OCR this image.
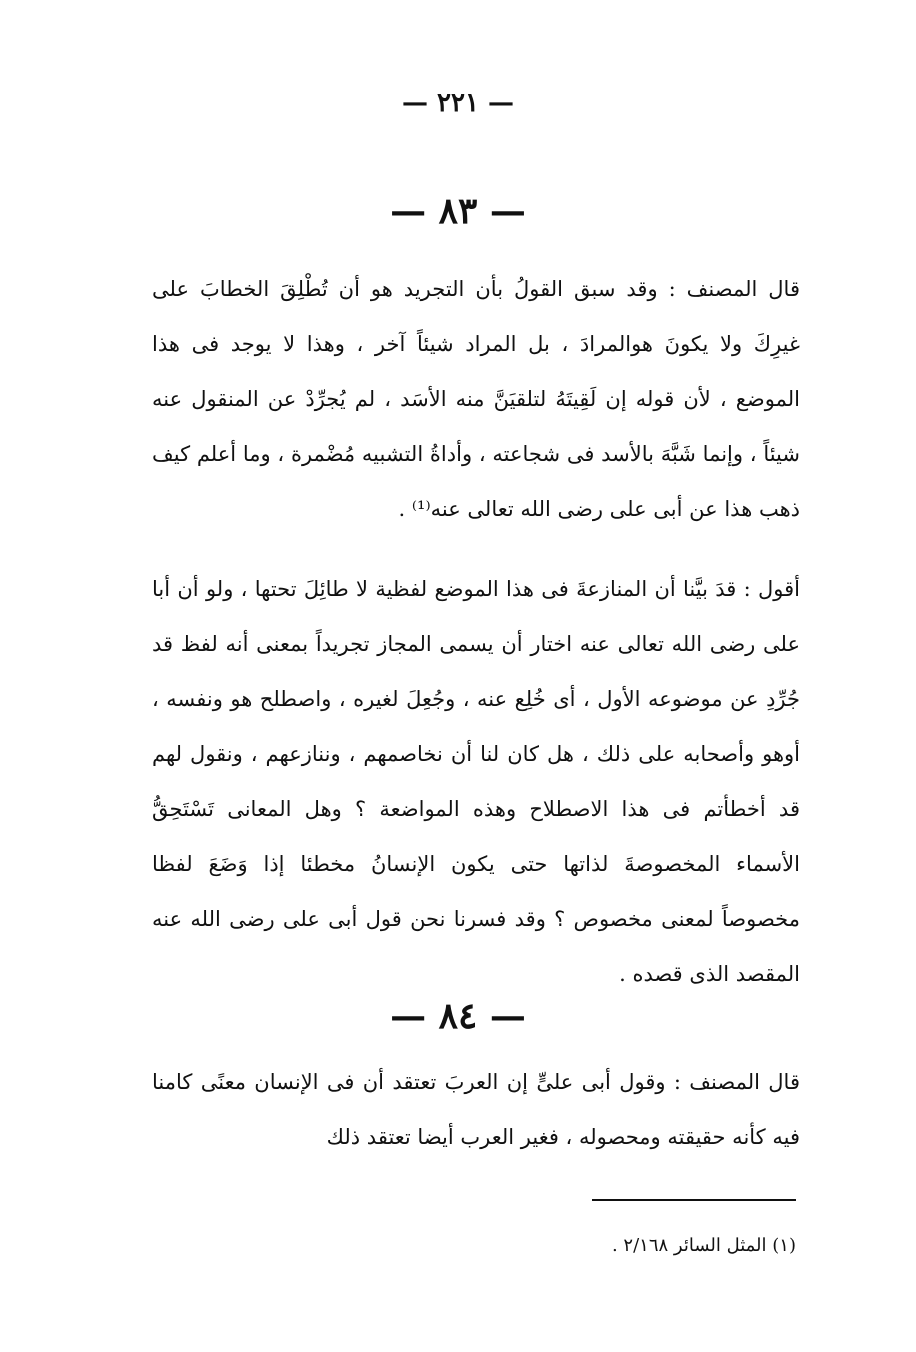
— ٢٢١ —
— ٨٣ —

قال المصنف : وقد سبق القولُ بأن التجريد هو أن تُطْلِقَ الخطابَ على غيرِكَ ولا يكونَ هوالمرادَ ، بل المراد شيئاً آخر ، وهذا لا يوجد فى هذا الموضع ، لأن قوله إن لَقِيتَهُ لتلقيَنَّ منه الأسَد ، لم يُجرِّدْ عن المنقول عنه شيئاً ، وإنما شَبَّهَ بالأسد فى شجاعته ، وأداةُ التشبيه مُضْمرة ، وما أعلم كيف ذهب هذا عن أبى على رضى الله تعالى عنه⁽¹⁾ .

أقول : قدَ بيَّنا أن المنازعةَ فى هذا الموضع لفظية لا طائِلَ تحتها ، ولو أن أبا على رضى الله تعالى عنه اختار أن يسمى المجاز تجريداً بمعنى أنه لفظ قد جُرِّدِ عن موضوعه الأول ، أى خُلِع عنه ، وجُعِلَ لغيره ، واصطلح هو ونفسه ، أوهو وأصحابه على ذلك ، هل كان لنا أن نخاصمهم ، وننازعهم ، ونقول لهم قد أخطأتم فى هذا الاصطلاح وهذه المواضعة ؟ وهل المعانى تَسْتَحِقُّ الأسماء المخصوصةَ لذاتها حتى يكون الإنسانُ مخطئا إذا وَضَعَ لفظا مخصوصاً لمعنى مخصوص ؟ وقد فسرنا نحن قول أبى على رضى الله عنه المقصد الذى قصده .

— ٨٤ —

قال المصنف : وقول أبى علىٍّ إن العربَ تعتقد أن فى الإنسان معنًى كامنا فيه كأنه حقيقته ومحصوله ، فغير العرب أيضا تعتقد ذلك

(١) المثل السائر ٢/١٦٨ .
